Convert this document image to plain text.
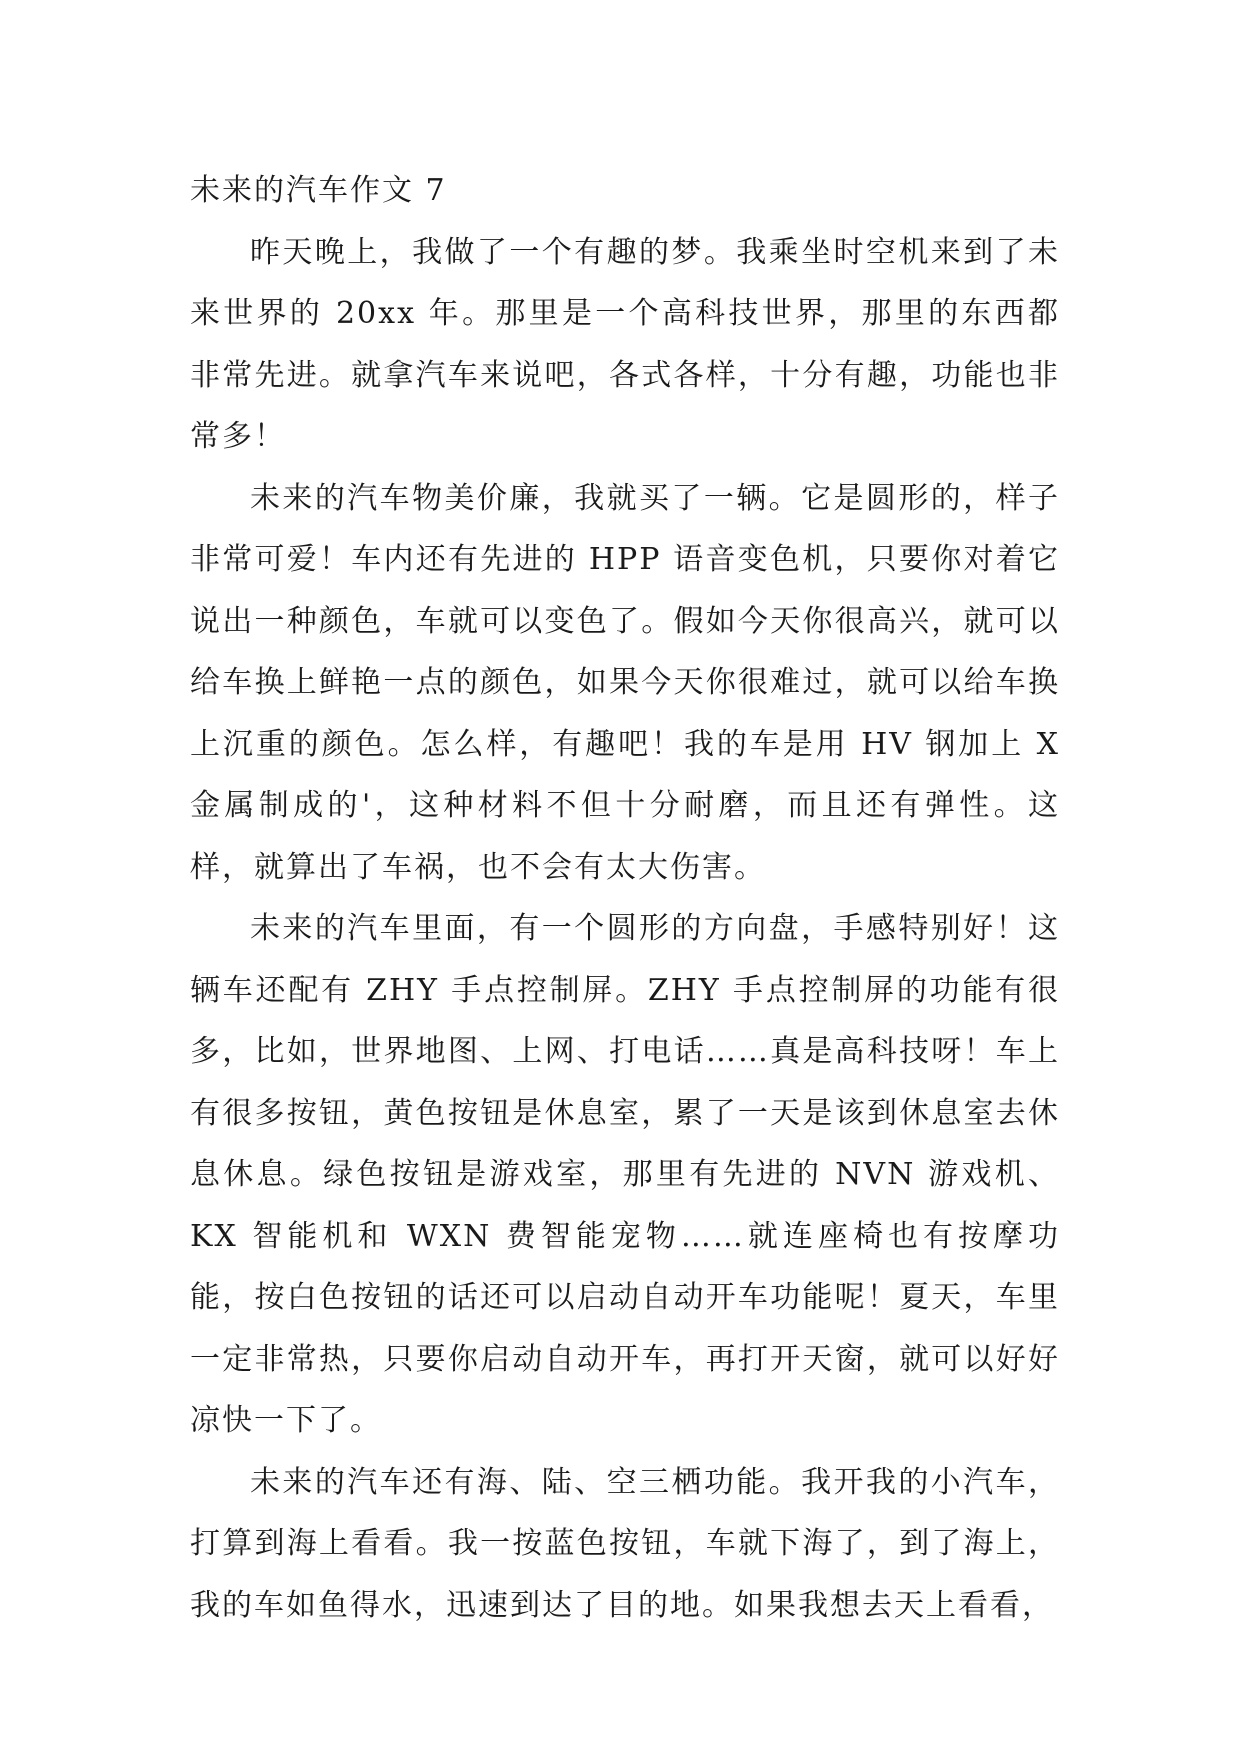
未来的汽车作文 7

昨天晚上，我做了一个有趣的梦。我乘坐时空机来到了未来世界的 20xx 年。那里是一个高科技世界，那里的东西都非常先进。就拿汽车来说吧，各式各样，十分有趣，功能也非常多！

未来的汽车物美价廉，我就买了一辆。它是圆形的，样子非常可爱！车内还有先进的 HPP 语音变色机，只要你对着它说出一种颜色，车就可以变色了。假如今天你很高兴，就可以给车换上鲜艳一点的颜色，如果今天你很难过，就可以给车换上沉重的颜色。怎么样，有趣吧！我的车是用 HV 钢加上 X 金属制成的'，这种材料不但十分耐磨，而且还有弹性。这样，就算出了车祸，也不会有太大伤害。

未来的汽车里面，有一个圆形的方向盘，手感特别好！这辆车还配有 ZHY 手点控制屏。ZHY 手点控制屏的功能有很多，比如，世界地图、上网、打电话……真是高科技呀！车上有很多按钮，黄色按钮是休息室，累了一天是该到休息室去休息休息。绿色按钮是游戏室，那里有先进的 NVN 游戏机、KX 智能机和 WXN 费智能宠物……就连座椅也有按摩功能，按白色按钮的话还可以启动自动开车功能呢！夏天，车里一定非常热，只要你启动自动开车，再打开天窗，就可以好好凉快一下了。

未来的汽车还有海、陆、空三栖功能。我开我的小汽车，打算到海上看看。我一按蓝色按钮，车就下海了，到了海上，我的车如鱼得水，迅速到达了目的地。如果我想去天上看看，
